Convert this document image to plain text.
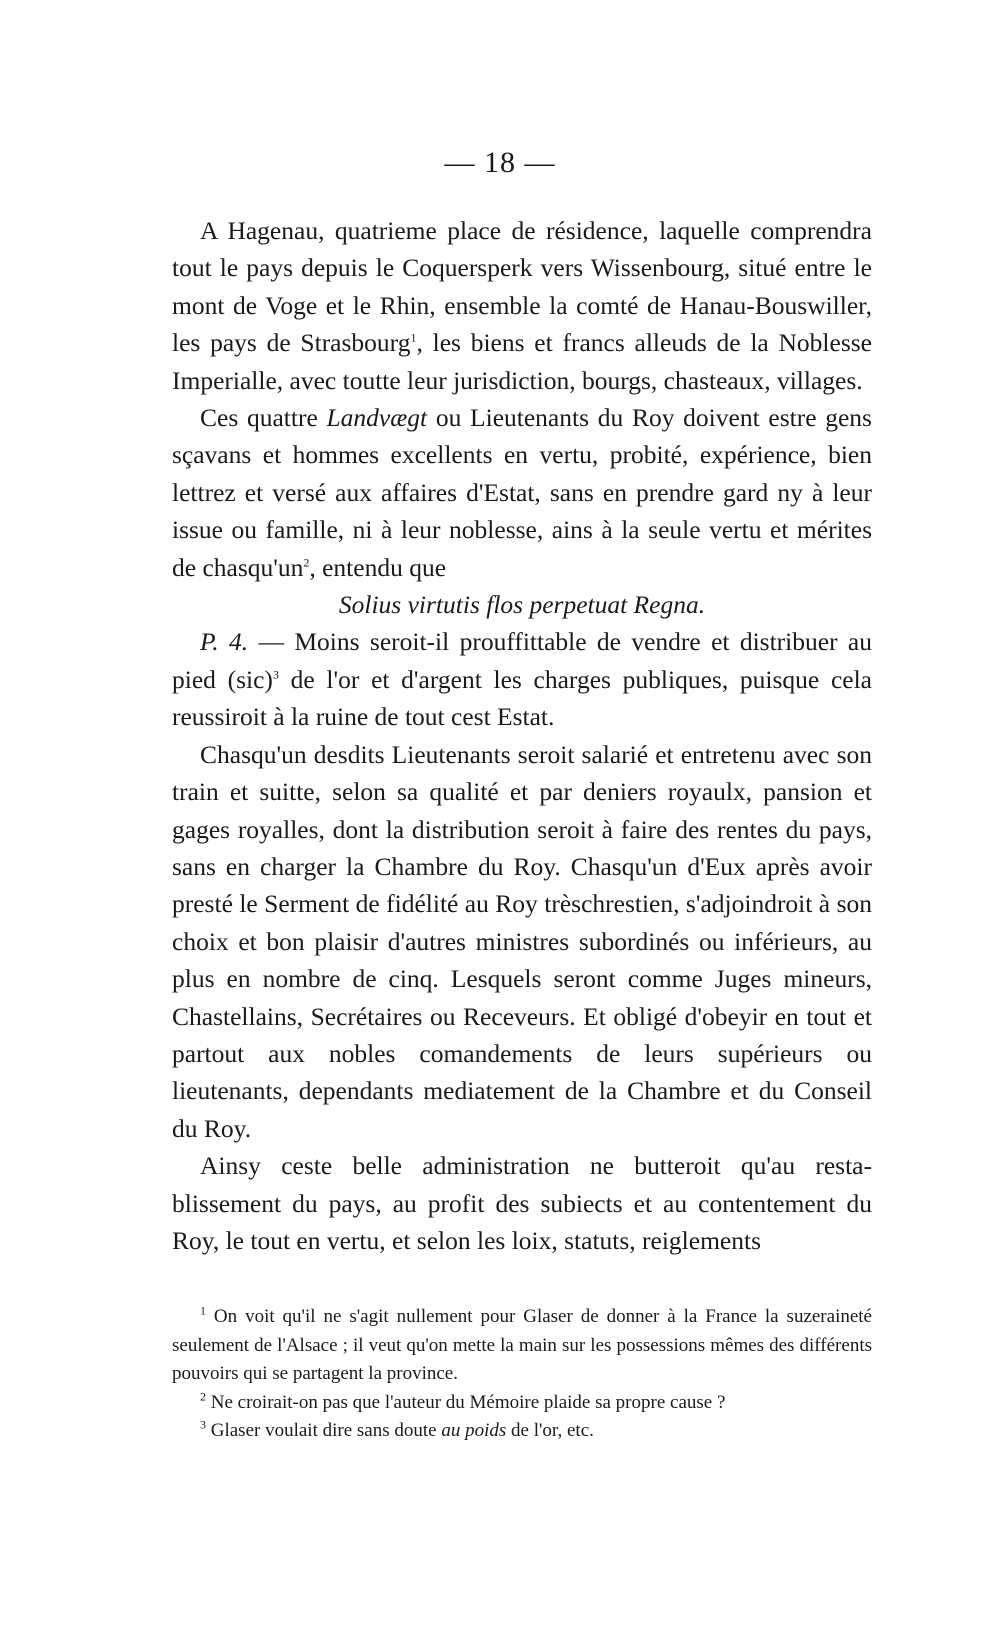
— 18 —

A Hagenau, quatrieme place de résidence, laquelle comprendra tout le pays depuis le Coquersperk vers Wissenbourg, situé entre le mont de Voge et le Rhin, ensemble la comté de Hanau-Bouswiller, les pays de Strasbourg$^1$, les biens et francs alleuds de la Noblesse Imperialle, avec toutte leur jurisdiction, bourgs, chasteaux, villages.

Ces quattre Landvægt ou Lieutenants du Roy doivent estre gens sçavans et hommes excellents en vertu, probité, expérience, bien lettrez et versé aux affaires d'Estat, sans en prendre gard ny à leur issue ou famille, ni à leur noblesse, ains à la seule vertu et mérites de $chasqu'un^2$, entendu que

Solius virtutis flos perpetuat Regna.

P. 4. — Moins seroit-il prouffittable de vendre et distribuer au pied (sic)$^3$ de l'or et d'argent les charges publiques, puisque cela reussiroit à la ruine de tout cest Estat.

Chasqu'un desdits Lieutenants seroit salarié et entretenu avec son train et suitte, selon sa qualité et par deniers royaulx, pansion et gages royalles, dont la distribution seroit à faire des rentes du pays, sans en charger la Chambre du Roy. Chasqu'un d'Eux après avoir presté le Serment de fidélité au Roy trèschrestien, s'adjoindroit à son choix et bon plaisir d'autres ministres subordinés ou inférieurs, au plus en nombre de cinq. Lesquels seront comme Juges mineurs, Chastellains, Secrétaires ou Receveurs. Et obligé d'obeyir en tout et partout aux nobles comandements de leurs supérieurs ou lieutenants, dependants mediatement de la Chambre et du Conseil du Roy.

Ainsy ceste belle administration ne butteroit qu'au restablissement du pays, au profit des subiects et au contentement du Roy, le tout en vertu, et selon les loix, statuts, reiglements

$^1$ On voit qu'il ne s'agit nullement pour Glaser de donner à la France la suzeraineté seulement de l'Alsace ; il veut qu'on mette la main sur les possessions mêmes des différents pouvoirs qui se partagent la province.

$^2$ Ne croirait-on pas que l'auteur du Mémoire plaide sa propre cause ?

$^3$ Glaser voulait dire sans doute au poids de l'or, etc.
